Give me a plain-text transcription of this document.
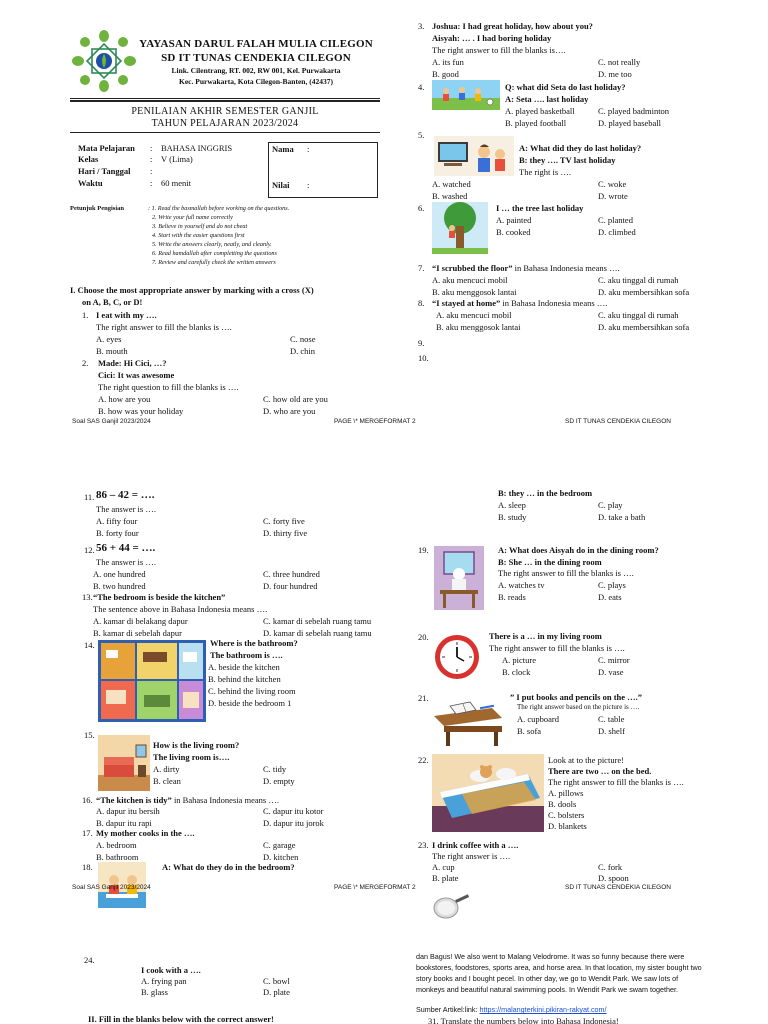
YAYASAN DARUL FALAH MULIA CILEGON
SD IT TUNAS CENDEKIA CILEGON
Link. Cilentrang, RT. 002, RW 001, Kel. Purwakarta
Kec. Purwakarta, Kota Cilegon-Banten, (42437)
PENILAIAN AKHIR SEMESTER GANJIL
TAHUN PELAJARAN 2023/2024
Mata Pelajaran : BAHASA INGGRIS
Kelas	: V (Lima)
Hari / Tanggal :
Waktu	: 60 menit
Nama :
Nilai :
Petunjuk Pengisian	: 1. Read the basmallah before working on the questions.
2. Write your full name correctly
3. Believe in yourself and do not cheat
4. Start with the easier questions first
5. Write the answers clearly, neatly, and cleanly.
6. Read hamdallah after completting the questions
7. Review and carefully check the written answers
I. Choose the most appropriate answer by marking with a cross (X)
on A, B, C, or D!
1. I eat with my ….
The right answer to fill the blanks is ….
A. eyes
B. mouth
C. nose
D. chin
2. Made: Hi Cici, …?
Cici: It was awesome
The right question to fill the blanks is ….
A. how are you
B. how was your holiday
C. how old are you
D. who are you
3. Joshua: I had great holiday, how about you?
Aisyah: … . I had boring holiday
The right answer to fill the blanks is….
A. its fun
B. good
C. not really
D. me too
4.	Q: what did Seta do last holiday?
A: Seta …. last holiday
A. played basketball
B. played football
C. played badminton
D. played baseball
5.
A: What did they do last holiday?
B: they …. TV last holiday
The right is ….
A. watched
B. washed
C. woke
D. wrote
6.	I … the tree last holiday
A. painted
B. cooked
C. planted
D. climbed
7. “I scrubbed the floor” in Bahasa Indonesia means ….
A. aku mencuci mobil
B. aku menggosok lantai
C. aku tinggal di rumah
D. aku membersihkan sofa
8. “I stayed at home” in Bahasa Indonesia means ….
A. aku mencuci mobil
B. aku menggosok lantai
C. aku tinggal di rumah
D. aku membersihkan sofa
9.
10.
Soal SAS Ganjil 2023/2024	PAGE \* MERGEFORMAT 2	SD IT TUNAS CENDEKIA CILEGON
11. 86 – 42 = ….
The answer is ….
A. fifty four
B. forty four
C. forty five
D. thirty five
12. 56 + 44 = ….
The answer is ….
A. one hundred
B. two hundred
C. three hundred
D. four hundred
13. “The bedroom is beside the kitchen”
The sentence above in Bahasa Indonesia means ….
A. kamar di belakang dapur
B. kamar di sebelah dapur
C. kamar di sebelah ruang tamu
D. kamar di sebelah ruang tamu
14.	Where is the bathroom?
The bathroom is ….
A. beside the kitchen
B. behind the kitchen
C. behind the living room
D. beside the bedroom 1
15.
How is the living room?
The living room is….
A. dirty
B. clean
C. tidy
D. empty
16. “The kitchen is tidy” in Bahasa Indonesia means ….
A. dapur itu bersih
B. dapur itu rapi
C. dapur itu kotor
D. dapur itu jorok
17. My mother cooks in the ….
A. bedroom
B. bathroom
C. garage
D. kitchen
18.	A: What do they do in the bedroom?
B: they … in the bedroom
A. sleep
B. study
C. play
D. take a bath
19.	A: What does Aisyah do in the dining room?
B: She … in the dining room
The right answer to fill the blanks is ….
A. watches tv
B. reads
C. plays
D. eats
20.	There is a … in my living room
The right answer to fill the blanks is ….
A. picture
B. clock
C. mirror
D. vase
21.	” I put books and pencils on the ….”
The right answer based on the picture is ….
A. cupboard
B. sofa
C. table
D. shelf
22.	Look at to the picture!
There are two … on the bed.
The right answer to fill the blanks is ….
A. pillows
B. dools
C. bolsters
D. blankets
23. I drink coffee with a ….
The right answer is ….
A. cup
B. plate
C. fork
D. spoon
Soal SAS Ganjil 2023/2024	PAGE \* MERGEFORMAT 2	SD IT TUNAS CENDEKIA CILEGON
24.
I cook with a ….
A. frying pan
B. glass
C. bowl
D. plate
II. Fill in the blanks below with the correct answer!
dan Bagus! We also went to Malang Velodrome. It was so funny because there were
bookstores, foodstores, sports area, and horse area. In that location, my sister bought two
story books and I bought pecel. In other day, we go to Wendit Park. We saw lots of
monkeys and beautiful natural swimming pools. In Wendit Park we swam together.
Sumber Artikel:link: https://malangterkini.pikiran-rakyat.com/
31. Translate the numbers below into Bahasa Indonesia!
